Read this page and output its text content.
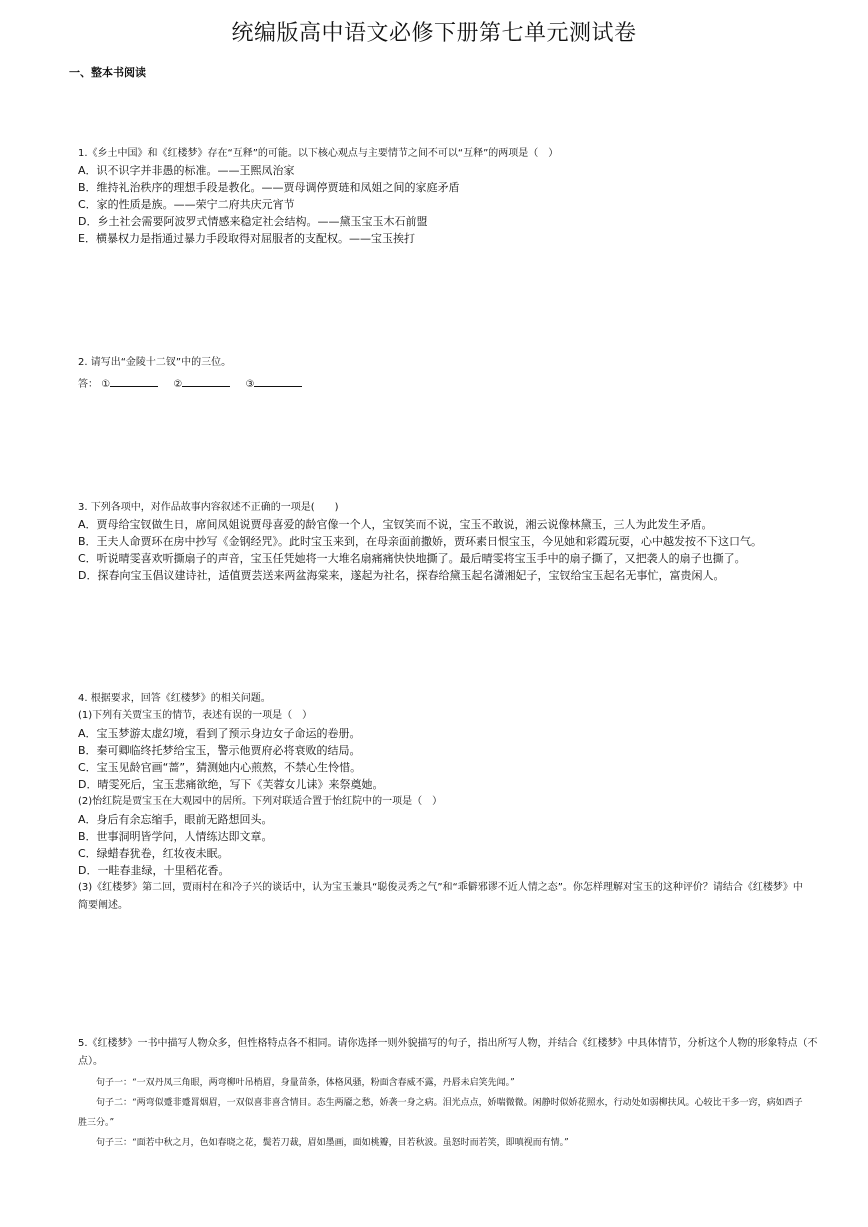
统编版高中语文必修下册第七单元测试卷
一、整本书阅读
1.《乡土中国》和《红楼梦》存在“互释”的可能。以下核心观点与主要情节之间不可以“互释”的两项是（　）
A．识不识字并非愚的标准。——王熙凤治家
B．维持礼治秩序的理想手段是教化。——贾母调停贾琏和凤姐之间的家庭矛盾
C．家的性质是族。——荣宁二府共庆元宵节
D．乡土社会需要阿波罗式情感来稳定社会结构。——黛玉宝玉木石前盟
E．横暴权力是指通过暴力手段取得对屈服者的支配权。——宝玉挨打
2. 请写出“金陵十二钗”中的三位。
答： ①	②	③
3. 下列各项中，对作品故事内容叙述不正确的一项是(　　)
A．贾母给宝钗做生日，席间凤姐说贾母喜爱的龄官像一个人，宝钗笑而不说，宝玉不敢说，湘云说像林黛玉，三人为此发生矛盾。
B．王夫人命贾环在房中抄写《金钢经咒》。此时宝玉来到，在母亲面前撒娇，贾环素日恨宝玉，今见她和彩霞玩耍，心中越发按不下这口气。
C．听说晴雯喜欢听撕扇子的声音，宝玉任凭她将一大堆名扇痛痛快快地撕了。最后晴雯将宝玉手中的扇子撕了，又把袭人的扇子也撕了。
D．探春向宝玉倡议建诗社，适值贾芸送来两盆海棠来，遂起为社名，探春给黛玉起名潇湘妃子，宝钗给宝玉起名无事忙，富贵闲人。
4. 根据要求，回答《红楼梦》的相关问题。
(1)下列有关贾宝玉的情节，表述有误的一项是（　）
A．宝玉梦游太虚幻境，看到了预示身边女子命运的卷册。
B．秦可卿临终托梦给宝玉，警示他贾府必将衰败的结局。
C．宝玉见龄官画“蔷”，猜测她内心煎熬，不禁心生怜惜。
D．晴雯死后，宝玉悲痛欲绝，写下《芙蓉女儿诔》来祭奠她。
(2)怡红院是贾宝玉在大观园中的居所。下列对联适合置于怡红院中的一项是（　）
A．身后有余忘缩手，眼前无路想回头。
B．世事洞明皆学问，人情练达即文章。
C．绿蜡春犹卷，红妆夜未眠。
D．一畦春韭绿，十里稻花香。
(3)《红楼梦》第二回，贾雨村在和冷子兴的谈话中，认为宝玉兼具“聪俊灵秀之气”和“乖僻邪谬不近人情之态”。你怎样理解对宝玉的这种评价？请结合《红楼梦》中
简要阐述。
5.《红楼梦》一书中描写人物众多，但性格特点各不相同。请你选择一则外貌描写的句子，指出所写人物，并结合《红楼梦》中具体情节，分析这个人物的形象特点（不
点）。
句子一：“一双丹凤三角眼，两弯柳叶吊梢眉，身量苗条，体格风骚，粉面含春威不露，丹唇未启笑先闻。”
句子二：“两弯似蹙非蹙罥烟眉，一双似喜非喜含情目。态生两靥之愁，娇袭一身之病。泪光点点，娇喘微微。闲静时似娇花照水，行动处如弱柳扶风。心较比干多一窍，病如西子
胜三分。”
句子三：“面若中秋之月，色如春晓之花，鬓若刀裁，眉如墨画，面如桃瓣，目若秋波。虽怒时而若笑，即嗔视而有情。”
